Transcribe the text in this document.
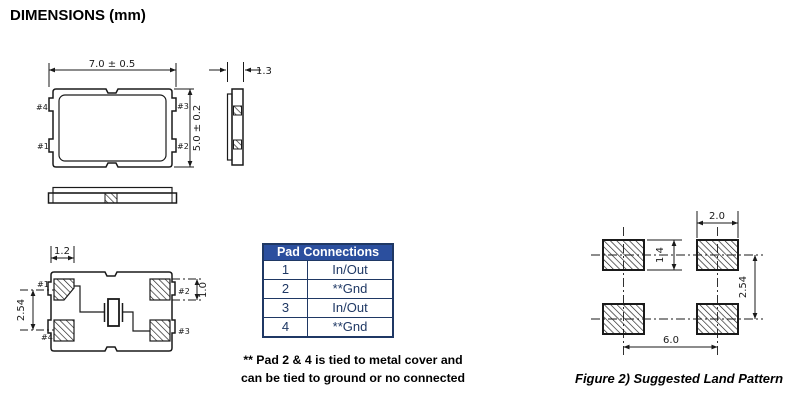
DIMENSIONS (mm)
7.0 ± 0.5
5.0 ± 0.2
#4	#3
#1	#2
1.3
1.2
2.54
1.0
#1
#2
#4
#3
2.0
1.4
2.54
6.0
Pad Connections
1	In/Out
2	**Gnd
3	In/Out
4	**Gnd
** Pad 2 & 4 is tied to metal cover and
can be tied to ground or no connected	Figure 2) Suggested Land Pattern
